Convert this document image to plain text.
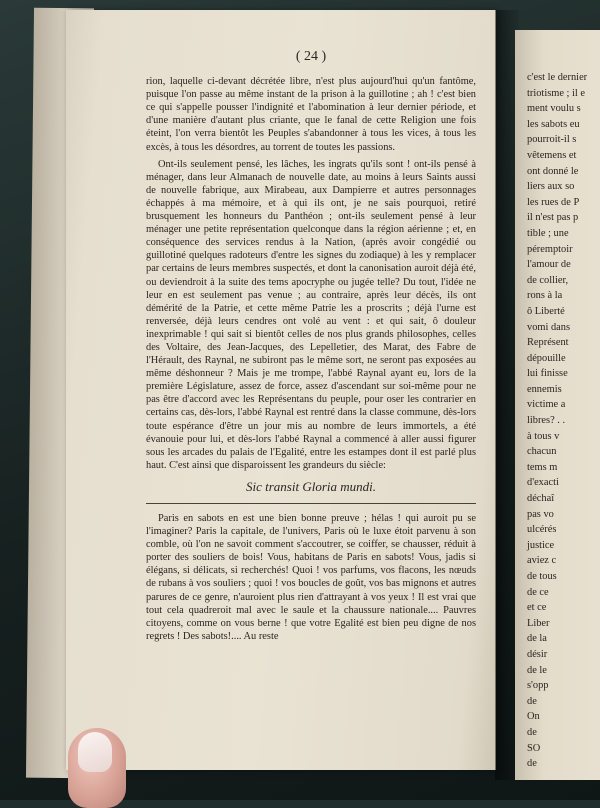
( 24 )

rion, laquelle ci-devant décrétée libre, n'est plus aujourd'hui qu'un fantôme, puisque l'on passe au même instant de la prison à la guillotine ; ah ! c'est bien ce qui s'appelle pousser l'indignité et l'abomination à leur dernier période, et d'une manière d'autant plus criante, que le fanal de cette Religion une fois éteint, l'on verra bientôt les Peuples s'abandonner à tous les vices, à tous les excès, à tous les désordres, au torrent de toutes les passions.

Ont-ils seulement pensé, les lâches, les ingrats qu'ils sont ! ont-ils pensé à ménager, dans leur Almanach de nouvelle date, au moins à leurs Saints aussi de nouvelle fabrique, aux Mirabeau, aux Dampierre et autres personnages échappés à ma mémoire, et à qui ils ont, je ne sais pourquoi, retiré brusquement les honneurs du Panthéon ; ont-ils seulement pensé à leur ménager une petite représentation quelconque dans la région aérienne ; et, en conséquence des services rendus à la Nation, (après avoir congédié ou guillotiné quelques radoteurs d'entre les signes du zodiaque) à les y remplacer par certains de leurs membres suspectés, et dont la canonisation auroit déjà été, ou deviendroit à la suite des tems apocryphe ou jugée telle? Du tout, l'idée ne leur en est seulement pas venue ; au contraire, après leur décès, ils ont démérité de la Patrie, et cette même Patrie les a proscrits ; déjà l'urne est renversée, déjà leurs cendres ont volé au vent : et qui sait, ô douleur inexprimable ! qui sait si bientôt celles de nos plus grands philosophes, celles des Voltaire, des Jean-Jacques, des Lepelletier, des Marat, des Fabre de l'Hérault, des Raynal, ne subiront pas le même sort, ne seront pas exposées au même déshonneur ? Mais je me trompe, l'abbé Raynal ayant eu, lors de la première Législature, assez de force, assez d'ascendant sur soi-même pour ne pas être d'accord avec les Représentans du peuple, pour oser les contrarier en certains cas, dès-lors, l'abbé Raynal est rentré dans la classe commune, dès-lors toute espérance d'être un jour mis au nombre de leurs immortels, a été évanouie pour lui, et dès-lors l'abbé Raynal a commencé à aller aussi figurer sous les arcades du palais de l'Egalité, entre les estampes dont il est parlé plus haut. C'est ainsi que disparoissent les grandeurs du siècle:

Sic transit Gloria mundi.

Paris en sabots en est une bien bonne preuve ; hélas ! qui auroit pu se l'imaginer? Paris la capitale, de l'univers, Paris où le luxe étoit parvenu à son comble, où l'on ne savoit comment s'accoutrer, se coiffer, se chausser, réduit à porter des souliers de bois! Vous, habitans de Paris en sabots! Vous, jadis si élégans, si délicats, si recherchés! Quoi ! vos parfums, vos flacons, les nœuds de rubans à vos souliers ; quoi ! vos boucles de goût, vos bas mignons et autres parures de ce genre, n'auroient plus rien d'attrayant à vos yeux ! Il est vrai que tout cela quadreroit mal avec le saule et la chaussure nationale.... Pauvres citoyens, comme on vous berne ! que votre Egalité est bien peu digne de nos regrets ! Des sabots!.... Au reste

c'est le dernier
triotisme ; il e
ment voulu s
les sabots eu
pourroit-il s
vêtemens et
ont donné le
liers aux so
les rues de P
il n'est pas p
tible ; une
péremptoir
l'amour de
de collier,
rons à la
ô Liberté
vomi dans
Représent
dépouille
lui finisse
ennemis
victime a
libres? . .
à tous v
chacun
tems m
d'exacti
déchaî
pas vo
ulcérés
justice
aviez c
de tous
de ce
et ce
Liber
de la
désir
de le
s'opp
de
On
de
SO
de
